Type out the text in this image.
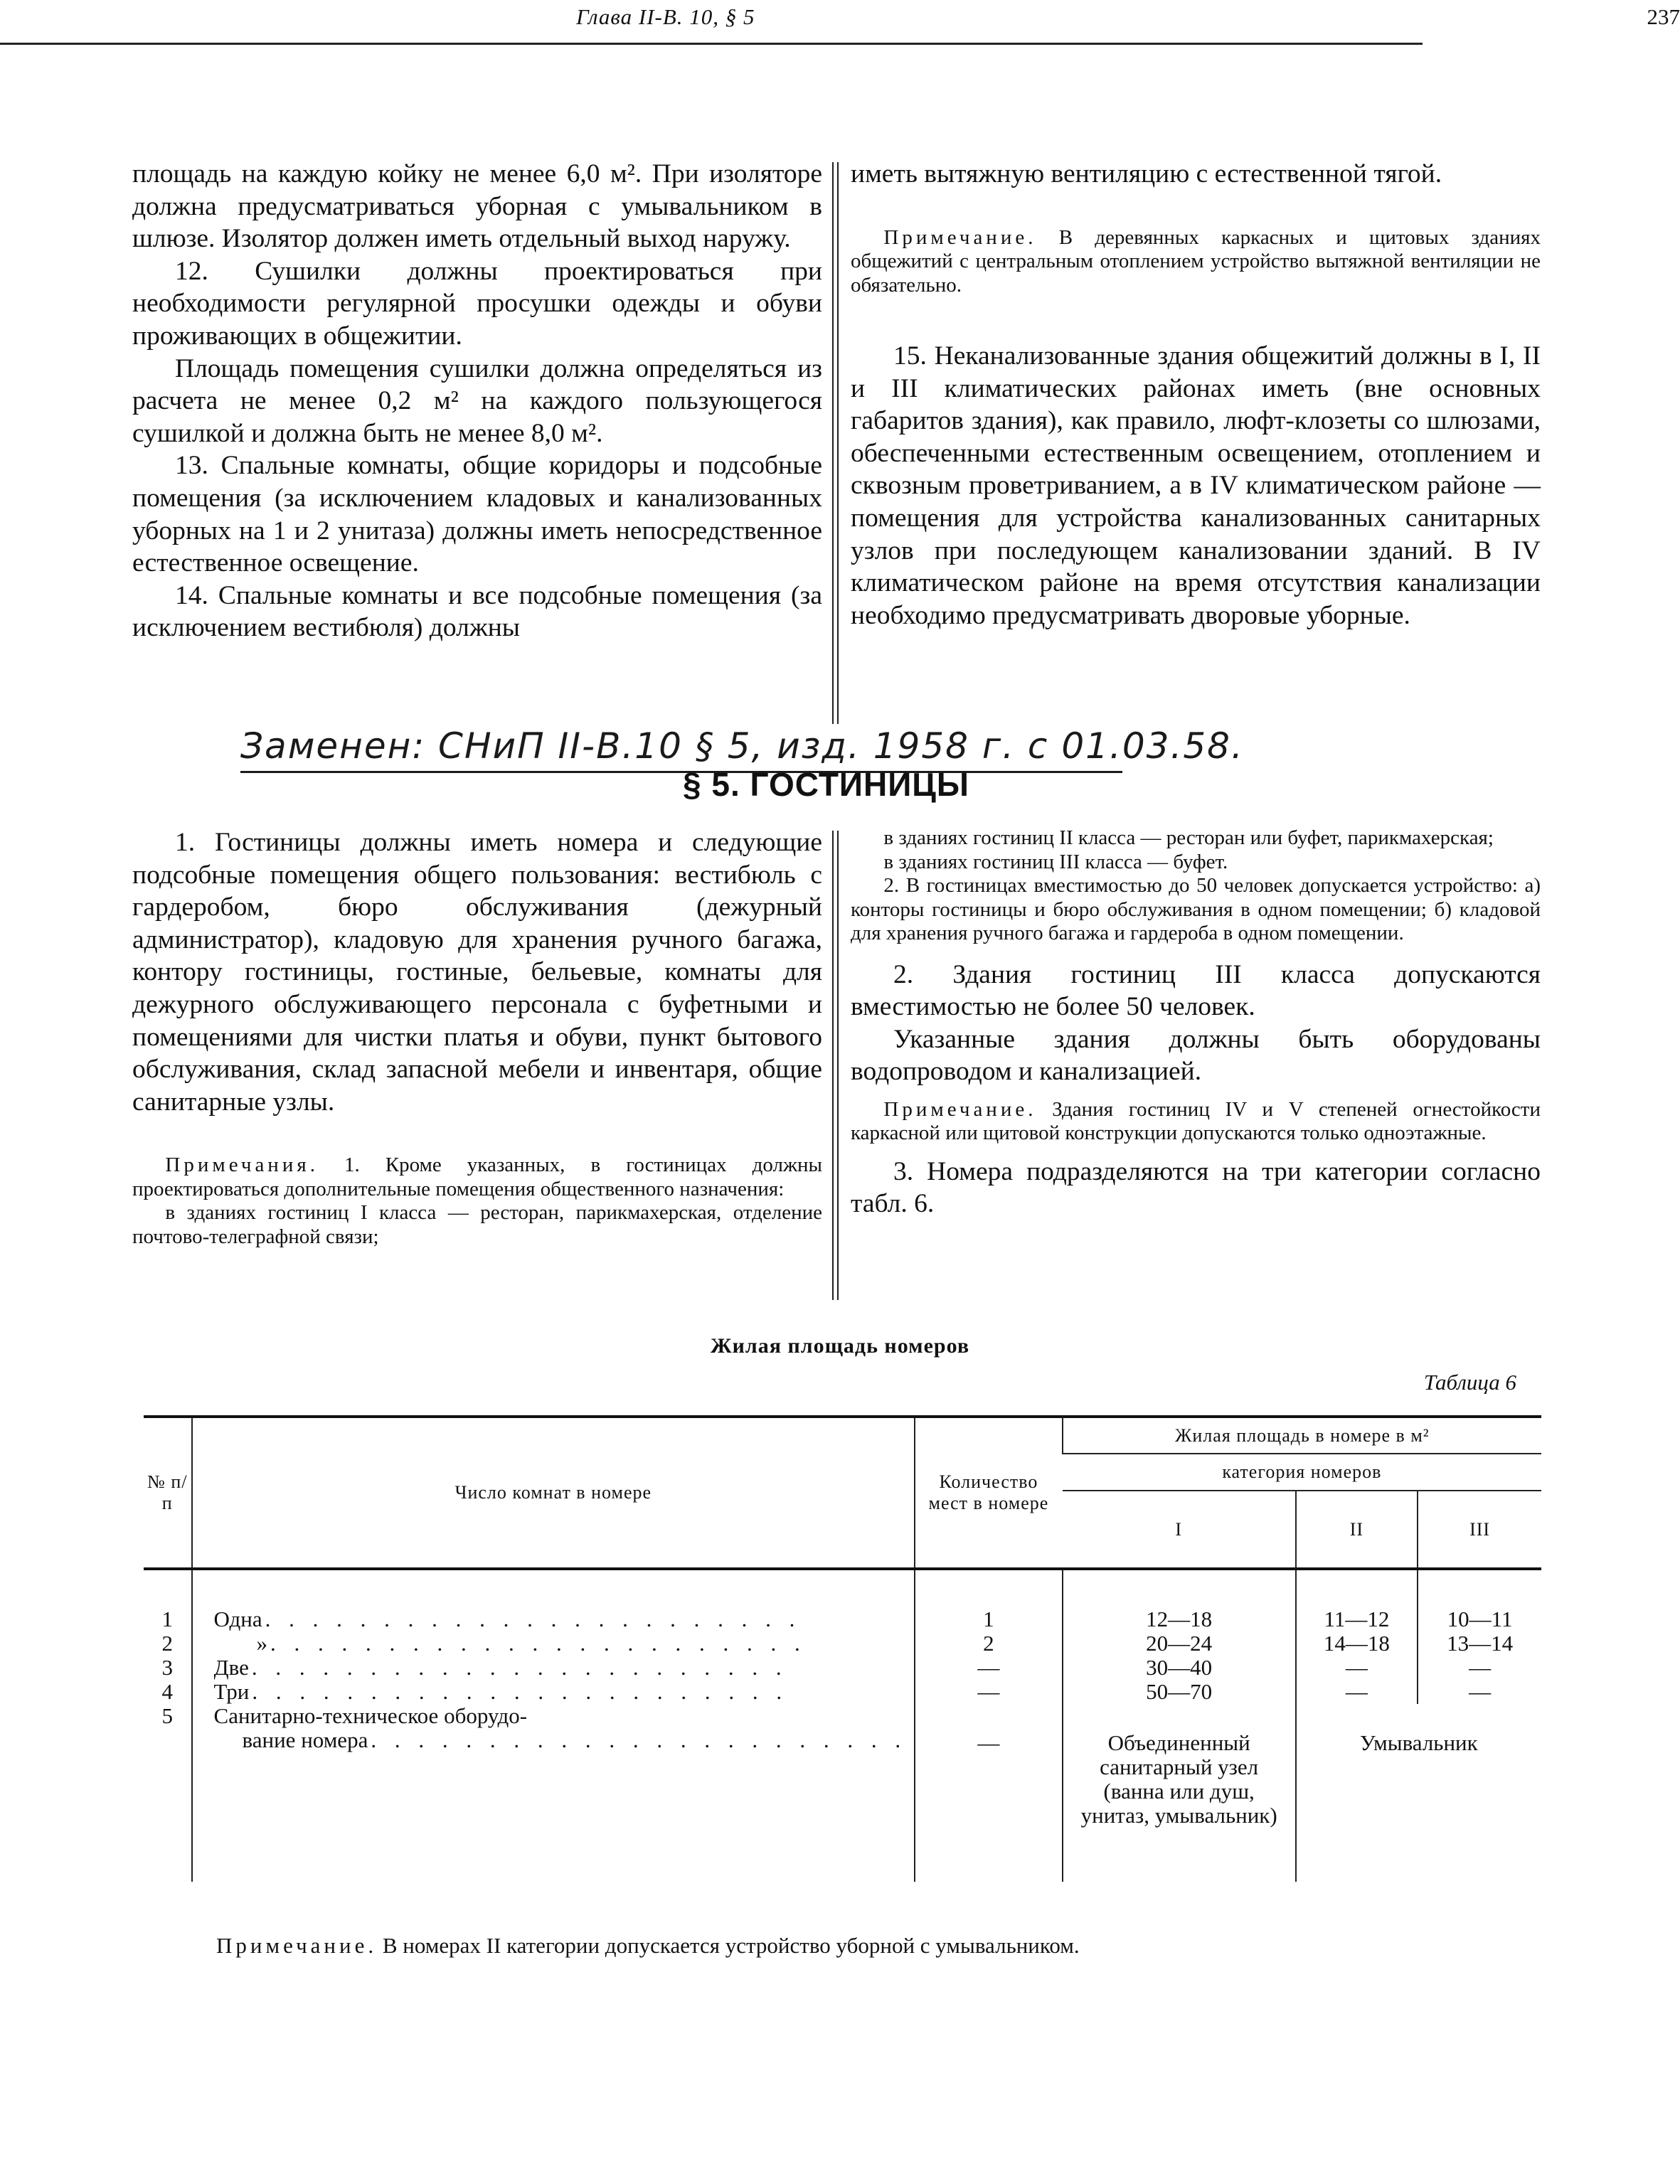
Глава II-В. 10, § 5	237

площадь на каждую койку не менее 6,0 м². При изоляторе должна предусматриваться уборная с умывальником в шлюзе. Изолятор должен иметь отдельный выход наружу.

12. Сушилки должны проектироваться при необходимости регулярной просушки одежды и обуви проживающих в общежитии.

Площадь помещения сушилки должна определяться из расчета не менее 0,2 м² на каждого пользующегося сушилкой и должна быть не менее 8,0 м².

13. Спальные комнаты, общие коридоры и подсобные помещения (за исключением кладовых и канализованных уборных на 1 и 2 унитаза) должны иметь непосредственное естественное освещение.

14. Спальные комнаты и все подсобные помещения (за исключением вестибюля) должны

иметь вытяжную вентиляцию с естественной тягой.

Примечание. В деревянных каркасных и щитовых зданиях общежитий с центральным отоплением устройство вытяжной вентиляции не обязательно.

15. Неканализованные здания общежитий должны в I, II и III климатических районах иметь (вне основных габаритов здания), как правило, люфт-клозеты со шлюзами, обеспеченными естественным освещением, отоплением и сквозным проветриванием, а в IV климатическом районе — помещения для устройства канализованных санитарных узлов при последующем канализовании зданий. В IV климатическом районе на время отсутствия канализации необходимо предусматривать дворовые уборные.

Заменен: СНиП II-В.10 § 5, изд. 1958 г. с 01.03.58.
§ 5. ГОСТИНИЦЫ

1. Гостиницы должны иметь номера и следующие подсобные помещения общего пользования: вестибюль с гардеробом, бюро обслуживания (дежурный администратор), кладовую для хранения ручного багажа, контору гостиницы, гостиные, бельевые, комнаты для дежурного обслуживающего персонала с буфетными и помещениями для чистки платья и обуви, пункт бытового обслуживания, склад запасной мебели и инвентаря, общие санитарные узлы.

Примечания. 1. Кроме указанных, в гостиницах должны проектироваться дополнительные помещения общественного назначения:

в зданиях гостиниц I класса — ресторан, парикмахерская, отделение почтово-телеграфной связи;

в зданиях гостиниц II класса — ресторан или буфет, парикмахерская;

в зданиях гостиниц III класса — буфет.

2. В гостиницах вместимостью до 50 человек допускается устройство: а) конторы гостиницы и бюро обслуживания в одном помещении; б) кладовой для хранения ручного багажа и гардероба в одном помещении.

2. Здания гостиниц III класса допускаются вместимостью не более 50 человек.

Указанные здания должны быть оборудованы водопроводом и канализацией.

Примечание. Здания гостиниц IV и V степеней огнестойкости каркасной или щитовой конструкции допускаются только одноэтажные.

3. Номера подразделяются на три категории согласно табл. 6.

Жилая площадь номеров
Таблица 6
№ п/п	Число комнат в номере	Количество мест в номере	Жилая площадь в номере в м²		
			категория номеров		
			I	II	III
1	Одна . . . . . . . . . . . . . . . . . . . . . . .	1	12—18	11—12	10—11
2	» . . . . . . . . . . . . . . . . . . . . . . .	2	20—24	14—18	13—14
3	Две . . . . . . . . . . . . . . . . . . . . . . .	—	30—40	—	—
4	Три . . . . . . . . . . . . . . . . . . . . . . .	—	50—70	—	—
5	Санитарно-техническое оборудо-
вание номера . . . . . . . . . . . . . . . . . . . . . . .	—	Объединенный санитарный узел (ванна или душ, унитаз, умывальник)	Умывальник	
Примечание. В номерах II категории допускается устройство уборной с умывальником.
